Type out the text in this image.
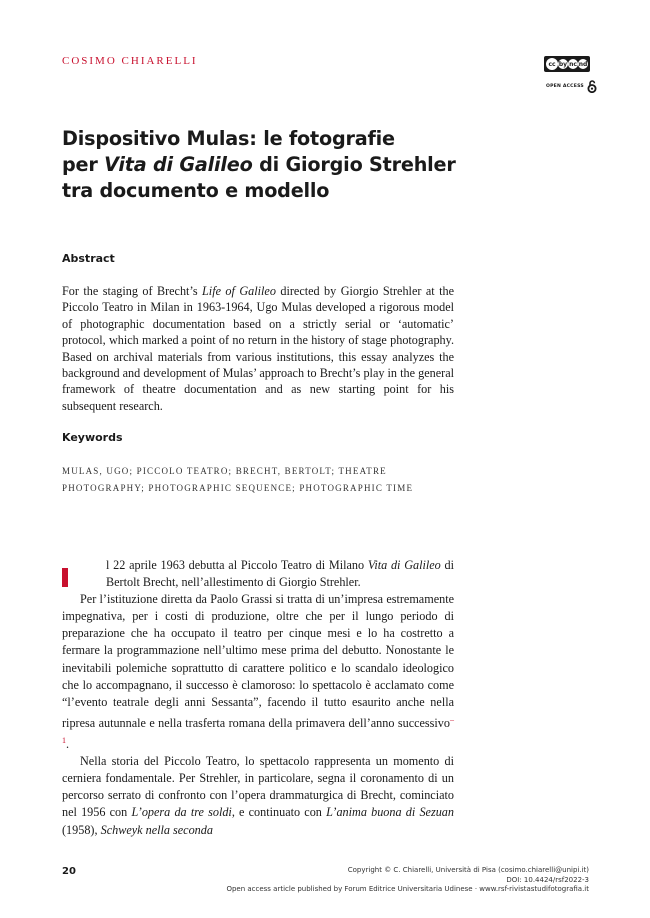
COSIMO CHIARELLI	cc by nc nd
OPEN ACCESS
Dispositivo Mulas: le fotografie
per Vita di Galileo di Giorgio Strehler
tra documento e modello
Abstract

For the staging of Brecht’s Life of Galileo directed by Giorgio Strehler at the Piccolo Teatro in Milan in 1963-1964, Ugo Mulas developed a rigorous model of photographic documentation based on a strictly serial or ‘automatic’ protocol, which marked a point of no return in the history of stage photography. Based on archival materials from various institutions, this essay analyzes the background and development of Mulas’ approach to Brecht’s play in the general framework of theatre documentation and as new starting point for his subsequent research.

Keywords

MULAS, UGO; PICCOLO TEATRO; BRECHT, BERTOLT; THEATRE PHOTOGRAPHY; PHOTOGRAPHIC SEQUENCE; PHOTOGRAPHIC TIME

l 22 aprile 1963 debutta al Piccolo Teatro di Milano Vita di Galileo di Bertolt Brecht, nell’allestimento di Giorgio Strehler.

Per l’istituzione diretta da Paolo Grassi si tratta di un’impresa estremamente impegnativa, per i costi di produzione, oltre che per il lungo periodo di preparazione che ha occupato il teatro per cinque mesi e lo ha costretto a fermare la programmazione nell’ultimo mese prima del debutto. Nonostante le inevitabili polemiche soprattutto di carattere politico e lo scandalo ideologico che lo accompagnano, il successo è clamoroso: lo spettacolo è acclamato come “l’evento teatrale degli anni Sessanta”, facendo il tutto esaurito anche nella ripresa autunnale e nella trasferta romana della primavera dell’anno successivo$^{-1}$.

Nella storia del Piccolo Teatro, lo spettacolo rappresenta un momento di cerniera fondamentale. Per Strehler, in particolare, segna il coronamento di un percorso serrato di confronto con l’opera drammaturgica di Brecht, cominciato nel 1956 con L’opera da tre soldi, e continuato con L’anima buona di Sezuan (1958), Schweyk nella seconda

20	Copyright © C. Chiarelli, Università di Pisa (cosimo.chiarelli@unipi.it)
DOI: 10.4424/rsf2022-3
Open access article published by Forum Editrice Universitaria Udinese · www.rsf-rivistastudifotografia.it
